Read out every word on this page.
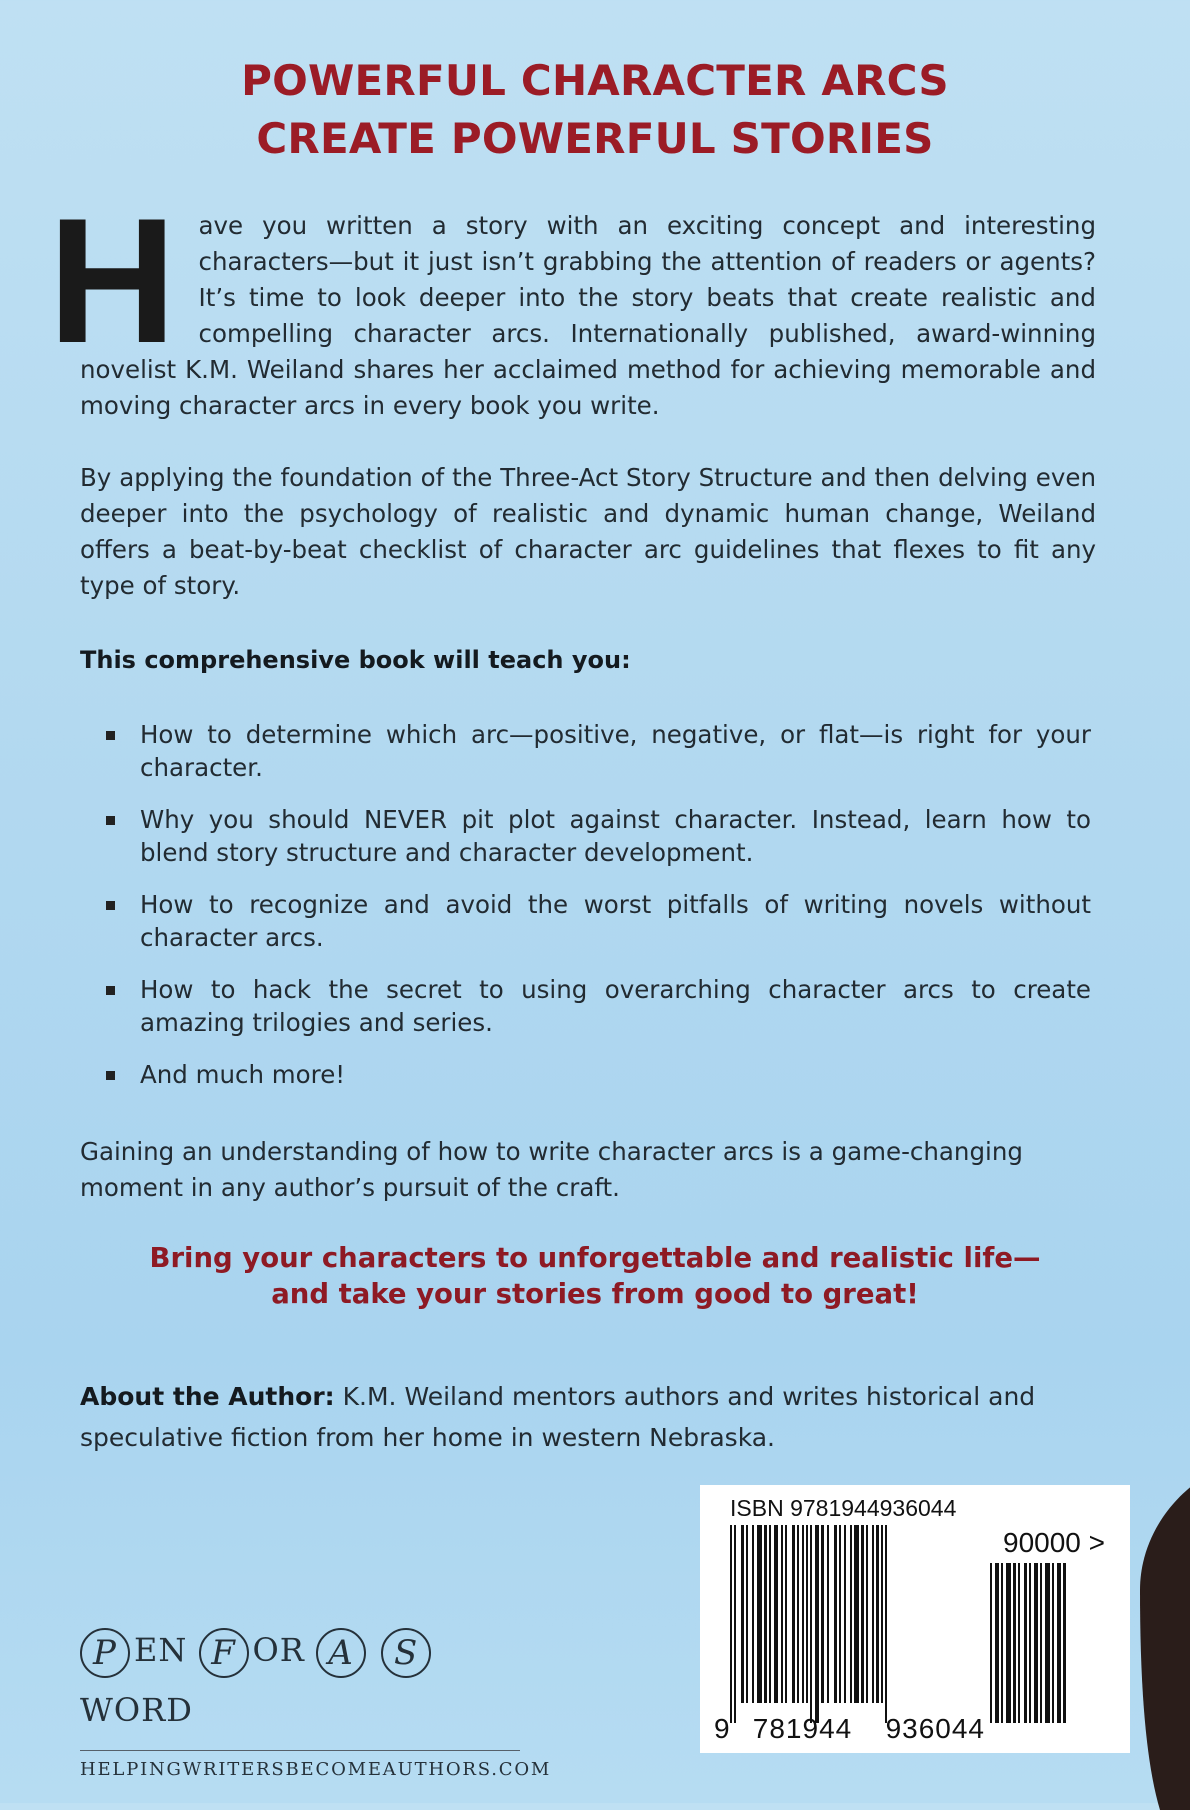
POWERFUL CHARACTER ARCS
CREATE POWERFUL STORIES
H ave you written a story with an exciting concept and interesting characters—but it just isn’t grabbing the attention of readers or agents? It’s time to look deeper into the story beats that create realistic and compelling character arcs. Internationally published, award-winning novelist K.M. Weiland shares her acclaimed method for achieving memorable and moving character arcs in every book you write.
By applying the foundation of the Three-Act Story Structure and then delving even deeper into the psychology of realistic and dynamic human change, Weiland offers a beat-by-beat checklist of character arc guidelines that flexes to fit any type of story.
This comprehensive book will teach you:
How to determine which arc—positive, negative, or flat—is right for your character.
Why you should NEVER pit plot against character. Instead, learn how to blend story structure and character development.
How to recognize and avoid the worst pitfalls of writing novels without character arcs.
How to hack the secret to using overarching character arcs to create amazing trilogies and series.
And much more!
Gaining an understanding of how to write character arcs is a game-changing moment in any author’s pursuit of the craft.
Bring your characters to unforgettable and realistic life—
and take your stories from good to great!
About the Author: K.M. Weiland mentors authors and writes historical and speculative fiction from her home in western Nebraska.
P EN F OR A SWORD
HELPINGWRITERSBECOMEAUTHORS.COM
ISBN 9781944936044
90000 >
9 781944 936044
